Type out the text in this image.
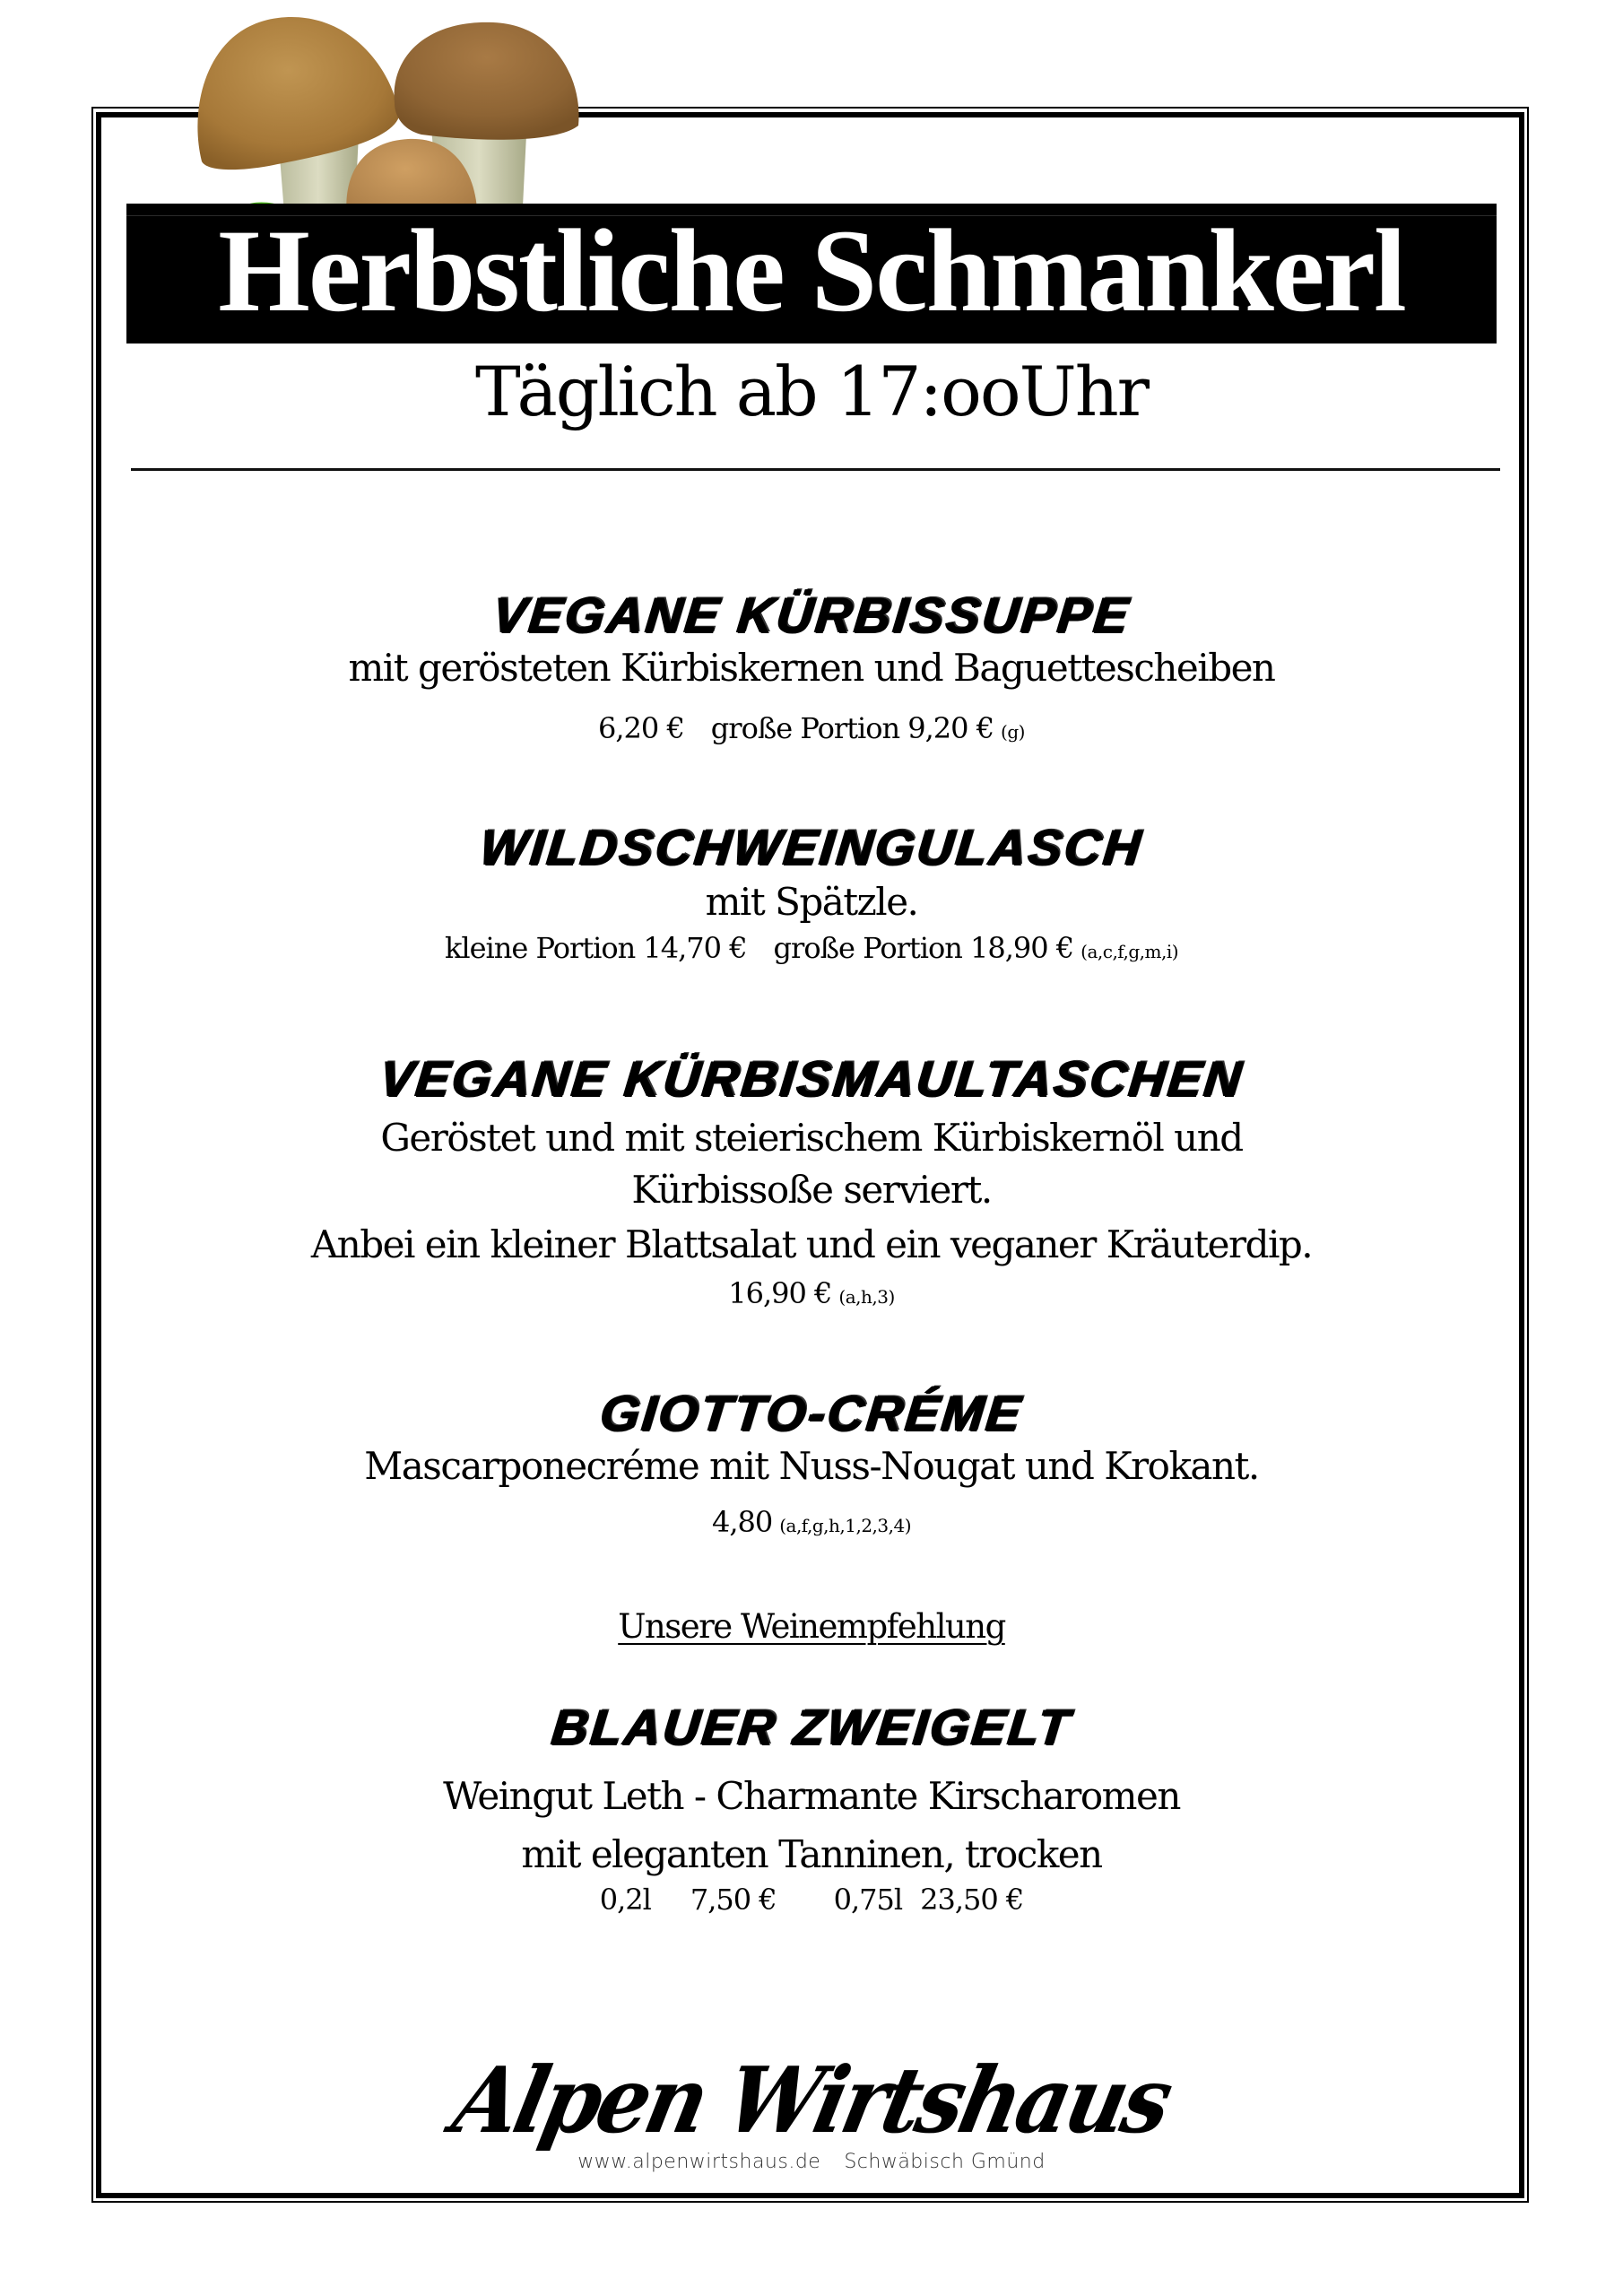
Herbstliche Schmankerl
Täglich ab 17:ooUhr
VEGANE KÜRBISSUPPE
mit gerösteten Kürbiskernen und Baguettescheiben
6,20 € große Portion 9,20 € (g)
WILDSCHWEINGULASCH
mit Spätzle.
kleine Portion 14,70 € große Portion 18,90 € (a,c,f,g,m,i)
VEGANE KÜRBISMAULTASCHEN
Geröstet und mit steierischem Kürbiskernöl und
Kürbissoße serviert.
Anbei ein kleiner Blattsalat und ein veganer Kräuterdip.
16,90 € (a,h,3)
GIOTTO-CRÉME
Mascarponecréme mit Nuss-Nougat und Krokant.
4,80 (a,f,g,h,1,2,3,4)
Unsere Weinempfehlung
BLAUER ZWEIGELT
Weingut Leth - Charmante Kirscharomen
mit eleganten Tanninen, trocken
0,2l 7,50 € 0,75l 23,50 €
Alpen Wirtshaus
www.alpenwirtshaus.de Schwäbisch Gmünd
